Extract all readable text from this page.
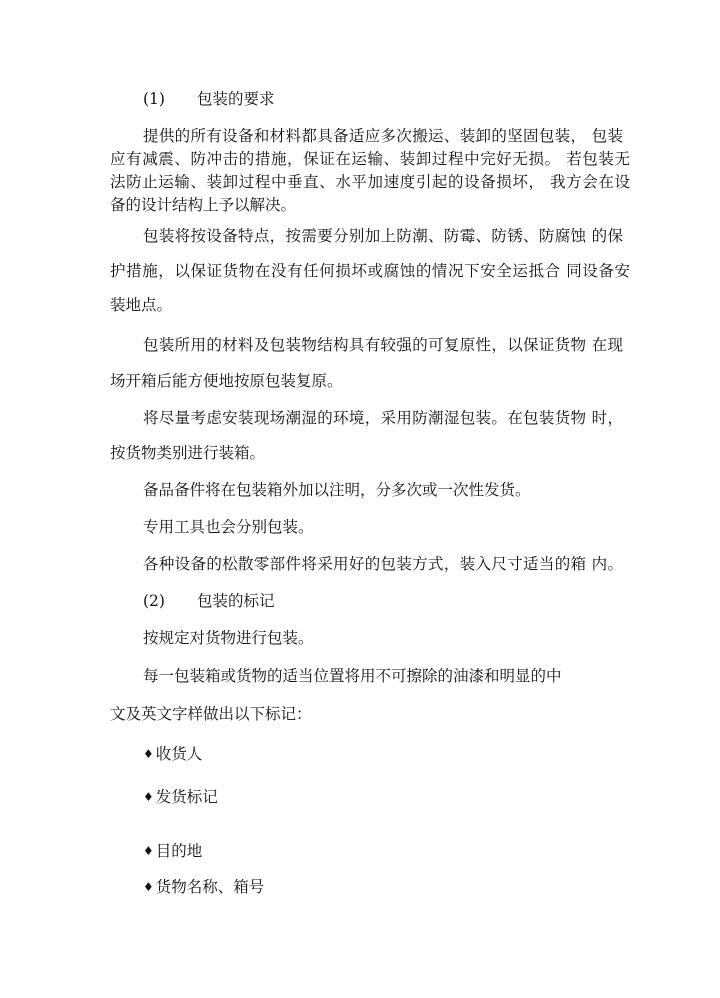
(1) 包装的要求
提供的所有设备和材料都具备适应多次搬运、装卸的坚固包装， 包装
应有减震、防冲击的措施，保证在运输、装卸过程中完好无损。 若包装无
法防止运输、装卸过程中垂直、水平加速度引起的设备损坏， 我方会在设
备的设计结构上予以解决。
包装将按设备特点，按需要分别加上防潮、防霉、防锈、防腐蚀 的保
护措施，以保证货物在没有任何损坏或腐蚀的情况下安全运抵合 同设备安
装地点。
包装所用的材料及包装物结构具有较强的可复原性，以保证货物 在现
场开箱后能方便地按原包装复原。
将尽量考虑安装现场潮湿的环境，采用防潮湿包装。在包装货物 时，
按货物类别进行装箱。
备品备件将在包装箱外加以注明，分多次或一次性发货。
专用工具也会分别包装。
各种设备的松散零部件将采用好的包装方式，装入尺寸适当的箱 内。
(2) 包装的标记
按规定对货物进行包装。
每一包装箱或货物的适当位置将用不可擦除的油漆和明显的中
文及英文字样做出以下标记：
♦ 收货人
♦ 发货标记
♦ 目的地
♦ 货物名称、箱号
